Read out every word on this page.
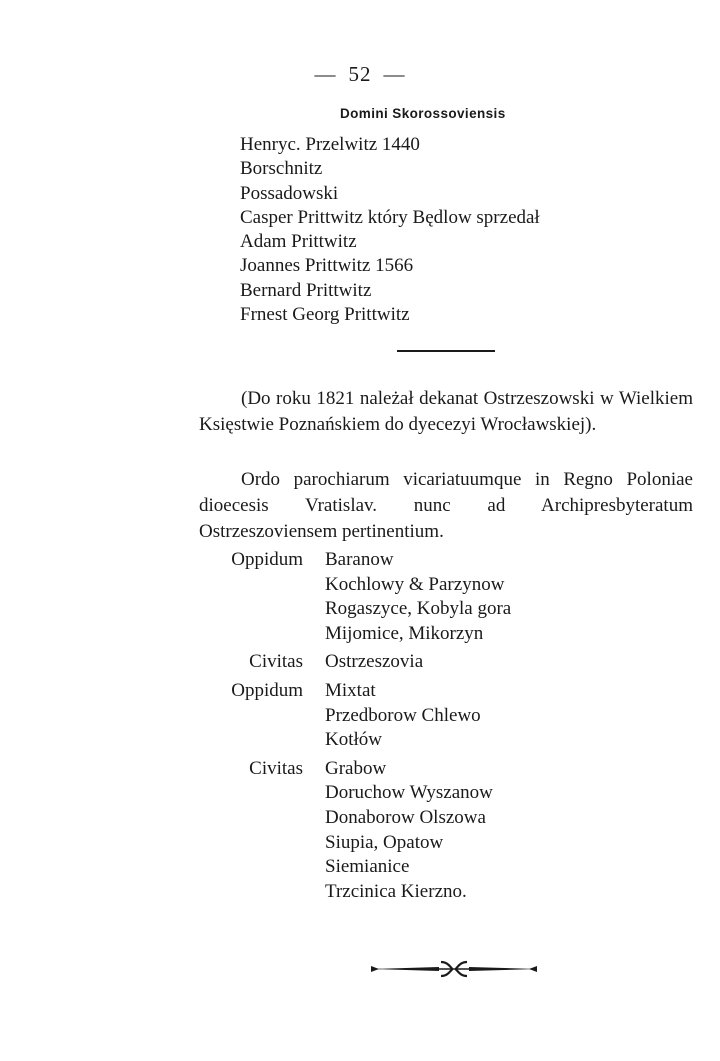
— 52 —
Domini Skorossoviensis
Henryc. Przelwitz 1440
Borschnitz
Possadowski
Casper Prittwitz który Będlow sprzedał
Adam Prittwitz
Joannes Prittwitz 1566
Bernard Prittwitz
Frnest Georg Prittwitz
(Do roku 1821 należał dekanat Ostrzeszowski w Wielkiem Księstwie Poznańskiem do dyecezyi Wrocławskiej).
Ordo parochiarum vicariatuumque in Regno Poloniae dioecesis Vratislav. nunc ad Archipresbyteratum Ostrzeszoviensem pertinentium.
Oppidum	Baranow
Kochlowy & Parzynow
Rogaszyce, Kobyla gora
Mijomice, Mikorzyn
Civitas	Ostrzeszovia
Oppidum	Mixtat
Przedborow Chlewo
Kotłów
Civitas	Grabow
Doruchow Wyszanow
Donaborow Olszowa
Siupia, Opatow
Siemianice
Trzcinica Kierzno.
